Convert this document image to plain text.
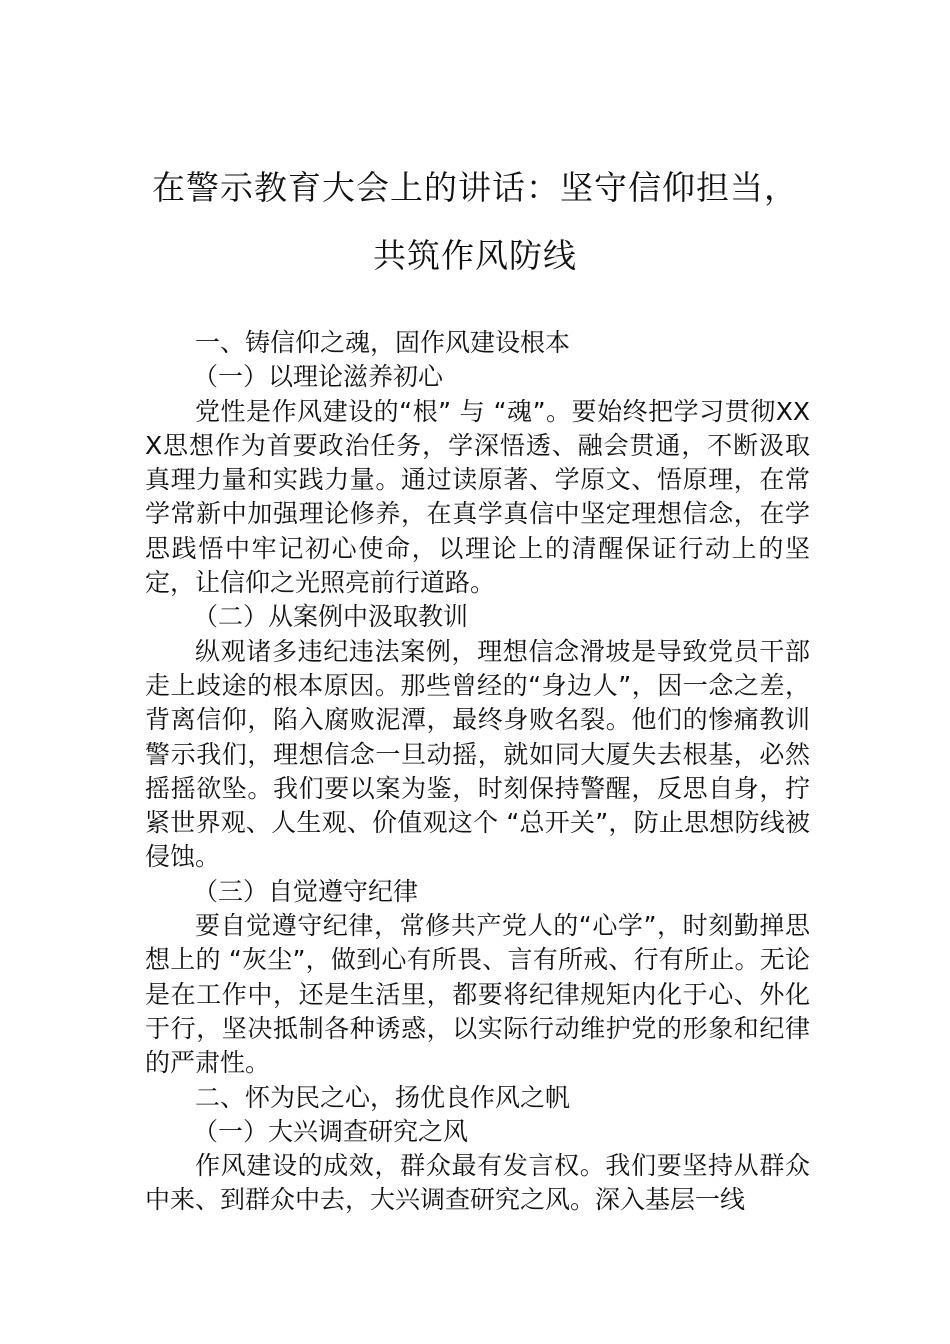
在警示教育大会上的讲话：坚守信仰担当，
共筑作风防线

一、铸信仰之魂，固作风建设根本

（一）以理论滋养初心

党性是作风建设的“根” 与 “魂”。要始终把学习贯彻XXX思想作为首要政治任务，学深悟透、融会贯通，不断汲取真理力量和实践力量。通过读原著、学原文、悟原理，在常学常新中加强理论修养，在真学真信中坚定理想信念，在学思践悟中牢记初心使命，以理论上的清醒保证行动上的坚定，让信仰之光照亮前行道路。

（二）从案例中汲取教训

纵观诸多违纪违法案例，理想信念滑坡是导致党员干部走上歧途的根本原因。那些曾经的“身边人”，因一念之差，背离信仰，陷入腐败泥潭，最终身败名裂。他们的惨痛教训警示我们，理想信念一旦动摇，就如同大厦失去根基，必然摇摇欲坠。我们要以案为鉴，时刻保持警醒，反思自身，拧紧世界观、人生观、价值观这个 “总开关”，防止思想防线被侵蚀。

（三）自觉遵守纪律

要自觉遵守纪律，常修共产党人的“心学”，时刻勤掸思想上的 “灰尘”，做到心有所畏、言有所戒、行有所止。无论是在工作中，还是生活里，都要将纪律规矩内化于心、外化于行，坚决抵制各种诱惑，以实际行动维护党的形象和纪律的严肃性。

二、怀为民之心，扬优良作风之帆

（一）大兴调查研究之风

作风建设的成效，群众最有发言权。我们要坚持从群众中来、到群众中去，大兴调查研究之风。深入基层一线
